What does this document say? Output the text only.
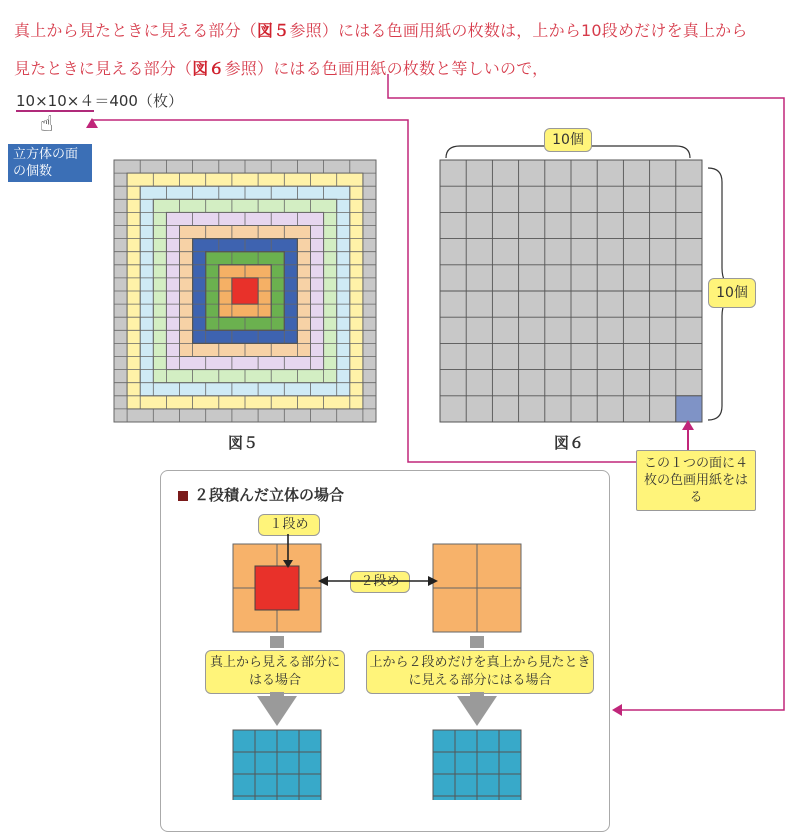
真上から見たときに見える部分（図５参照）にはる色画用紙の枚数は，上から10段めだけを真上から
見たときに見える部分（図６参照）にはる色画用紙の枚数と等しいので，
10×10×４＝400（枚）
☝
立方体の面の個数
図５	図６
10個
10個
この１つの面に４枚の色画用紙をはる
２段積んだ立体の場合
１段め
２段め
真上から見える部分にはる場合
上から２段めだけを真上から見たときに見える部分にはる場合
